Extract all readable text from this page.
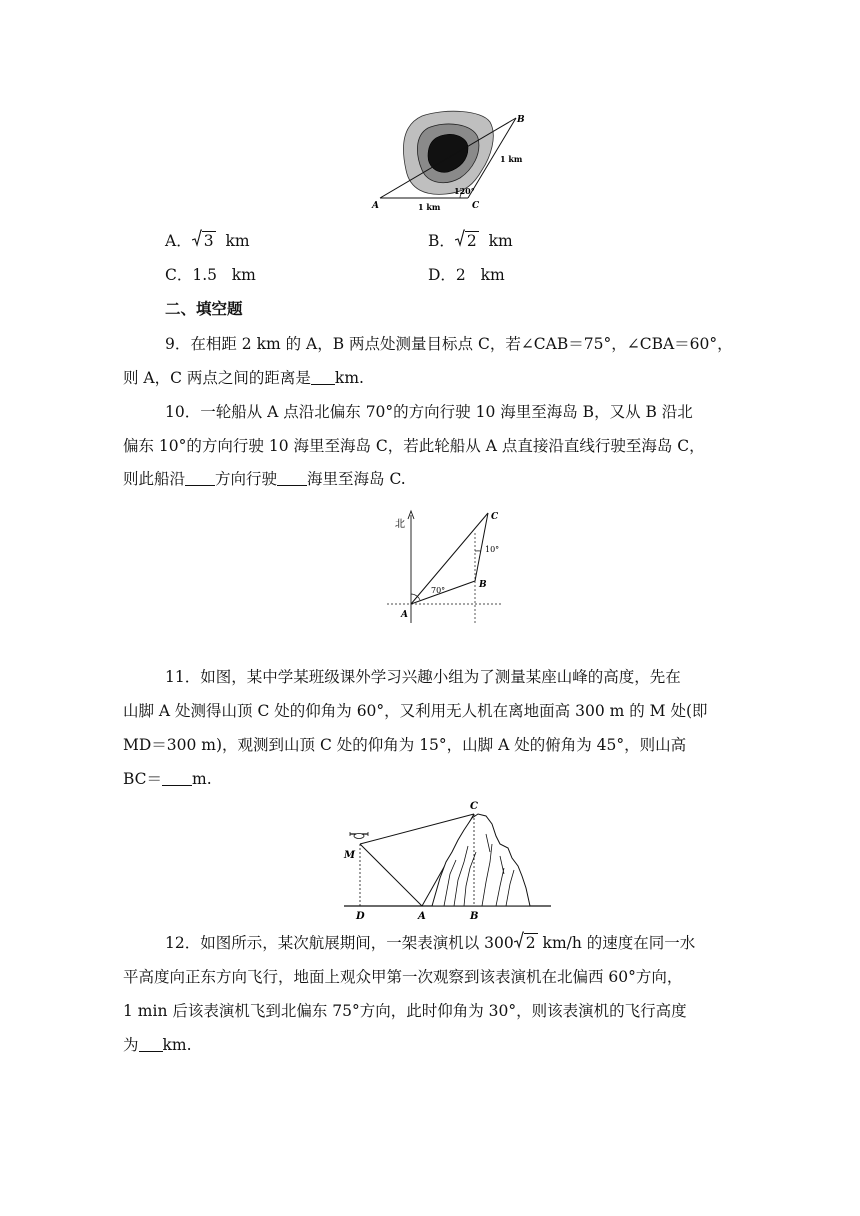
A
B
C
1 km
1 km
120°
A． 3 km	B． 2 km
C．1.5   km	D．2   km
二、填空题
9．在相距 2 km 的 A，B 两点处测量目标点 C，若∠CAB＝75°，∠CBA＝60°，
则 A，C 两点之间的距离是 km.
10．一轮船从 A 点沿北偏东 70°的方向行驶 10 海里至海岛 B，又从 B 沿北
偏东 10°的方向行驶 10 海里至海岛 C，若此轮船从 A 点直接沿直线行驶至海岛 C，
则此船沿 方向行驶 海里至海岛 C.
北
A
B
C
70°
10°
11．如图，某中学某班级课外学习兴趣小组为了测量某座山峰的高度，先在
山脚 A 处测得山顶 C 处的仰角为 60°，又利用无人机在离地面高 300 m 的 M 处(即
MD＝300 m)，观测到山顶 C 处的仰角为 15°，山脚 A 处的俯角为 45°，则山高
BC＝ m.
M
C
D	A	B
12．如图所示，某次航展期间，一架表演机以 300 2 km/h 的速度在同一水
平高度向正东方向飞行，地面上观众甲第一次观察到该表演机在北偏西 60°方向，
1 min 后该表演机飞到北偏东 75°方向，此时仰角为 30°，则该表演机的飞行高度
为 km.
